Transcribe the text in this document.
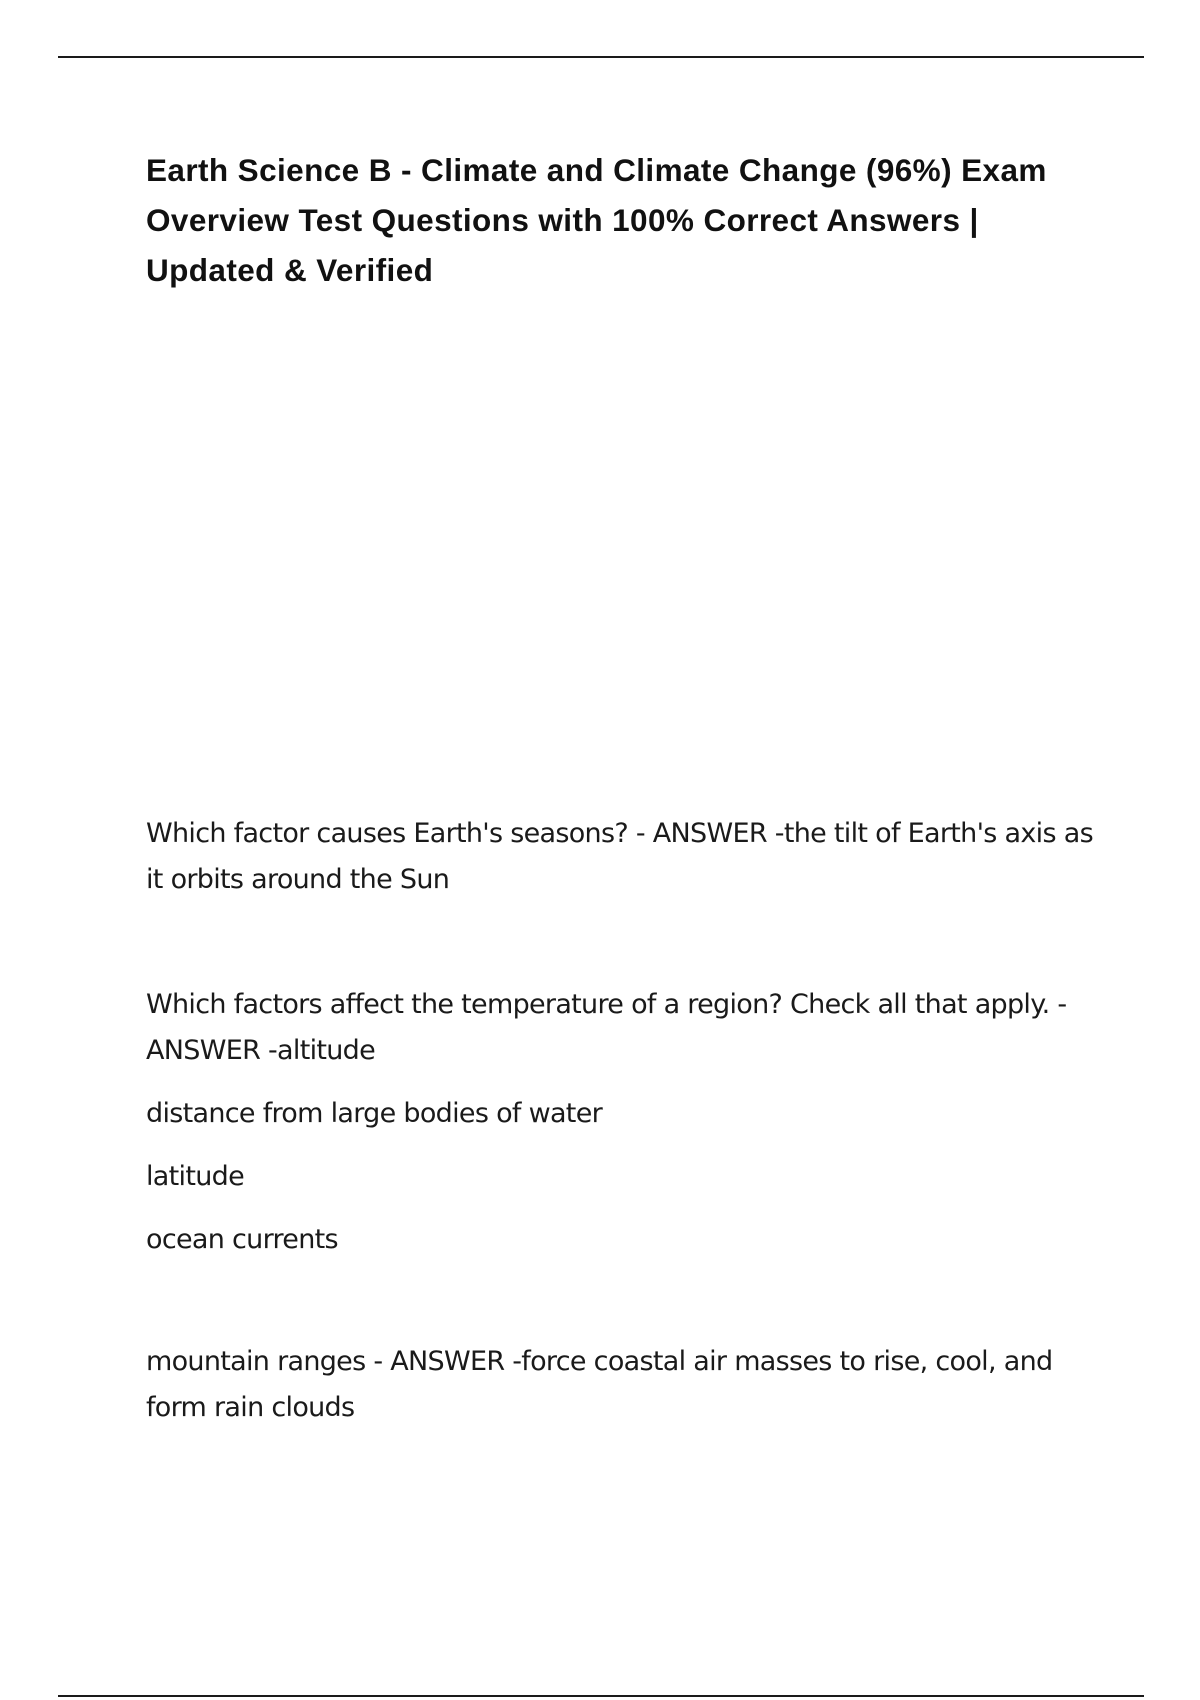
Earth Science B - Climate and Climate Change (96%) Exam Overview Test Questions with 100% Correct Answers | Updated & Verified

Which factor causes Earth's seasons? - ANSWER -the tilt of Earth's axis as it orbits around the Sun

Which factors affect the temperature of a region? Check all that apply. - ANSWER -altitude

distance from large bodies of water

latitude

ocean currents

mountain ranges - ANSWER -force coastal air masses to rise, cool, and form rain clouds
